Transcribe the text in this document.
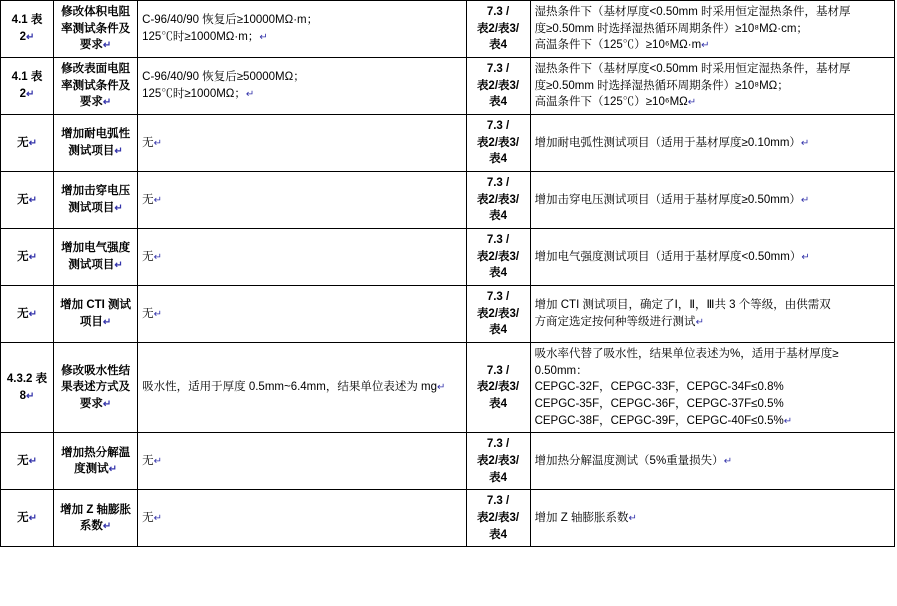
4.1 表2↵	修改体积电阻率测试条件及要求↵	C-96/40/90 恢复后≥10000MΩ·m；
125℃时≥1000MΩ·m；↵	7.3 /
表2/表3/
表4	湿热条件下（基材厚度<0.50mm 时采用恒定湿热条件，基材厚
度≥0.50mm 时选择湿热循环周期条件）≥10⁸MΩ·cm；
高温条件下（125℃）≥10⁶MΩ·m↵

4.1 表2↵	修改表面电阻率测试条件及要求↵	C-96/40/90 恢复后≥50000MΩ；
125℃时≥1000MΩ；↵	7.3 /
表2/表3/
表4	湿热条件下（基材厚度<0.50mm 时采用恒定湿热条件，基材厚
度≥0.50mm 时选择湿热循环周期条件）≥10⁸MΩ；
高温条件下（125℃）≥10⁶MΩ↵

无↵	增加耐电弧性测试项目↵	无↵	7.3 /
表2/表3/
表4	增加耐电弧性测试项目（适用于基材厚度≥0.10mm）↵
无↵	增加击穿电压测试项目↵	无↵	7.3 /
表2/表3/
表4	增加击穿电压测试项目（适用于基材厚度≥0.50mm）↵
无↵	增加电气强度测试项目↵	无↵	7.3 /
表2/表3/
表4	增加电气强度测试项目（适用于基材厚度<0.50mm）↵
无↵	增加 CTI 测试项目↵	无↵	7.3 /
表2/表3/
表4	增加 CTI 测试项目，确定了Ⅰ，Ⅱ，Ⅲ共 3 个等级，由供需双
方商定选定按何种等级进行测试↵

4.3.2 表8↵	修改吸水性结果表述方式及要求↵	吸水性，适用于厚度 0.5mm~6.4mm，结果单位表述为 mg↵	7.3 /
表2/表3/
表4	吸水率代替了吸水性，结果单位表述为%，适用于基材厚度≥
0.50mm：
CEPGC-32F，CEPGC-33F，CEPGC-34F≤0.8%
CEPGC-35F，CEPGC-36F，CEPGC-37F≤0.5%
CEPGC-38F，CEPGC-39F，CEPGC-40F≤0.5%↵

无↵	增加热分解温度测试↵	无↵	7.3 /
表2/表3/
表4	增加热分解温度测试（5%重量损失）↵
无↵	增加 Z 轴膨胀系数↵	无↵	7.3 /
表2/表3/
表4	增加 Z 轴膨胀系数↵
